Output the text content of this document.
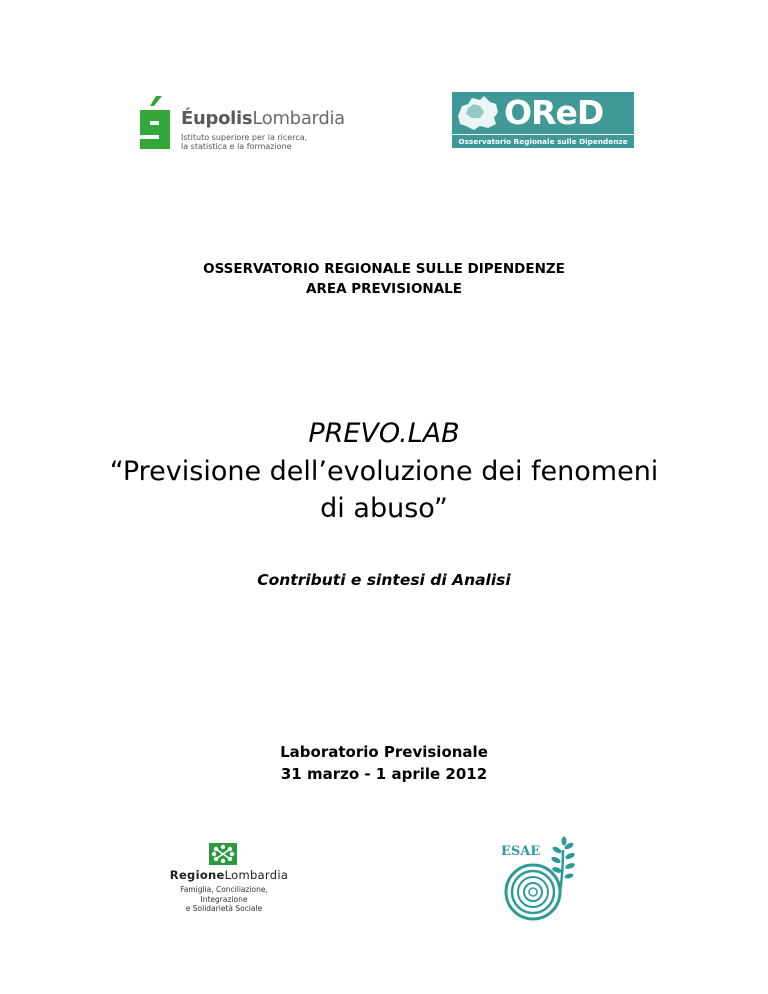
ÉupolisLombardia
Istituto superiore per la ricerca,
la statistica e la formazione
OReD
Osservatorio Regionale sulle Dipendenze
OSSERVATORIO REGIONALE SULLE DIPENDENZE
AREA PREVISIONALE
PREVO.LAB
“Previsione dell’evoluzione dei fenomeni
di abuso”
Contributi e sintesi di Analisi
Laboratorio Previsionale
31 marzo - 1 aprile 2012
RegioneLombardia
Famiglia, Conciliazione,
Integrazione
e Solidarietà Sociale
ESAE
